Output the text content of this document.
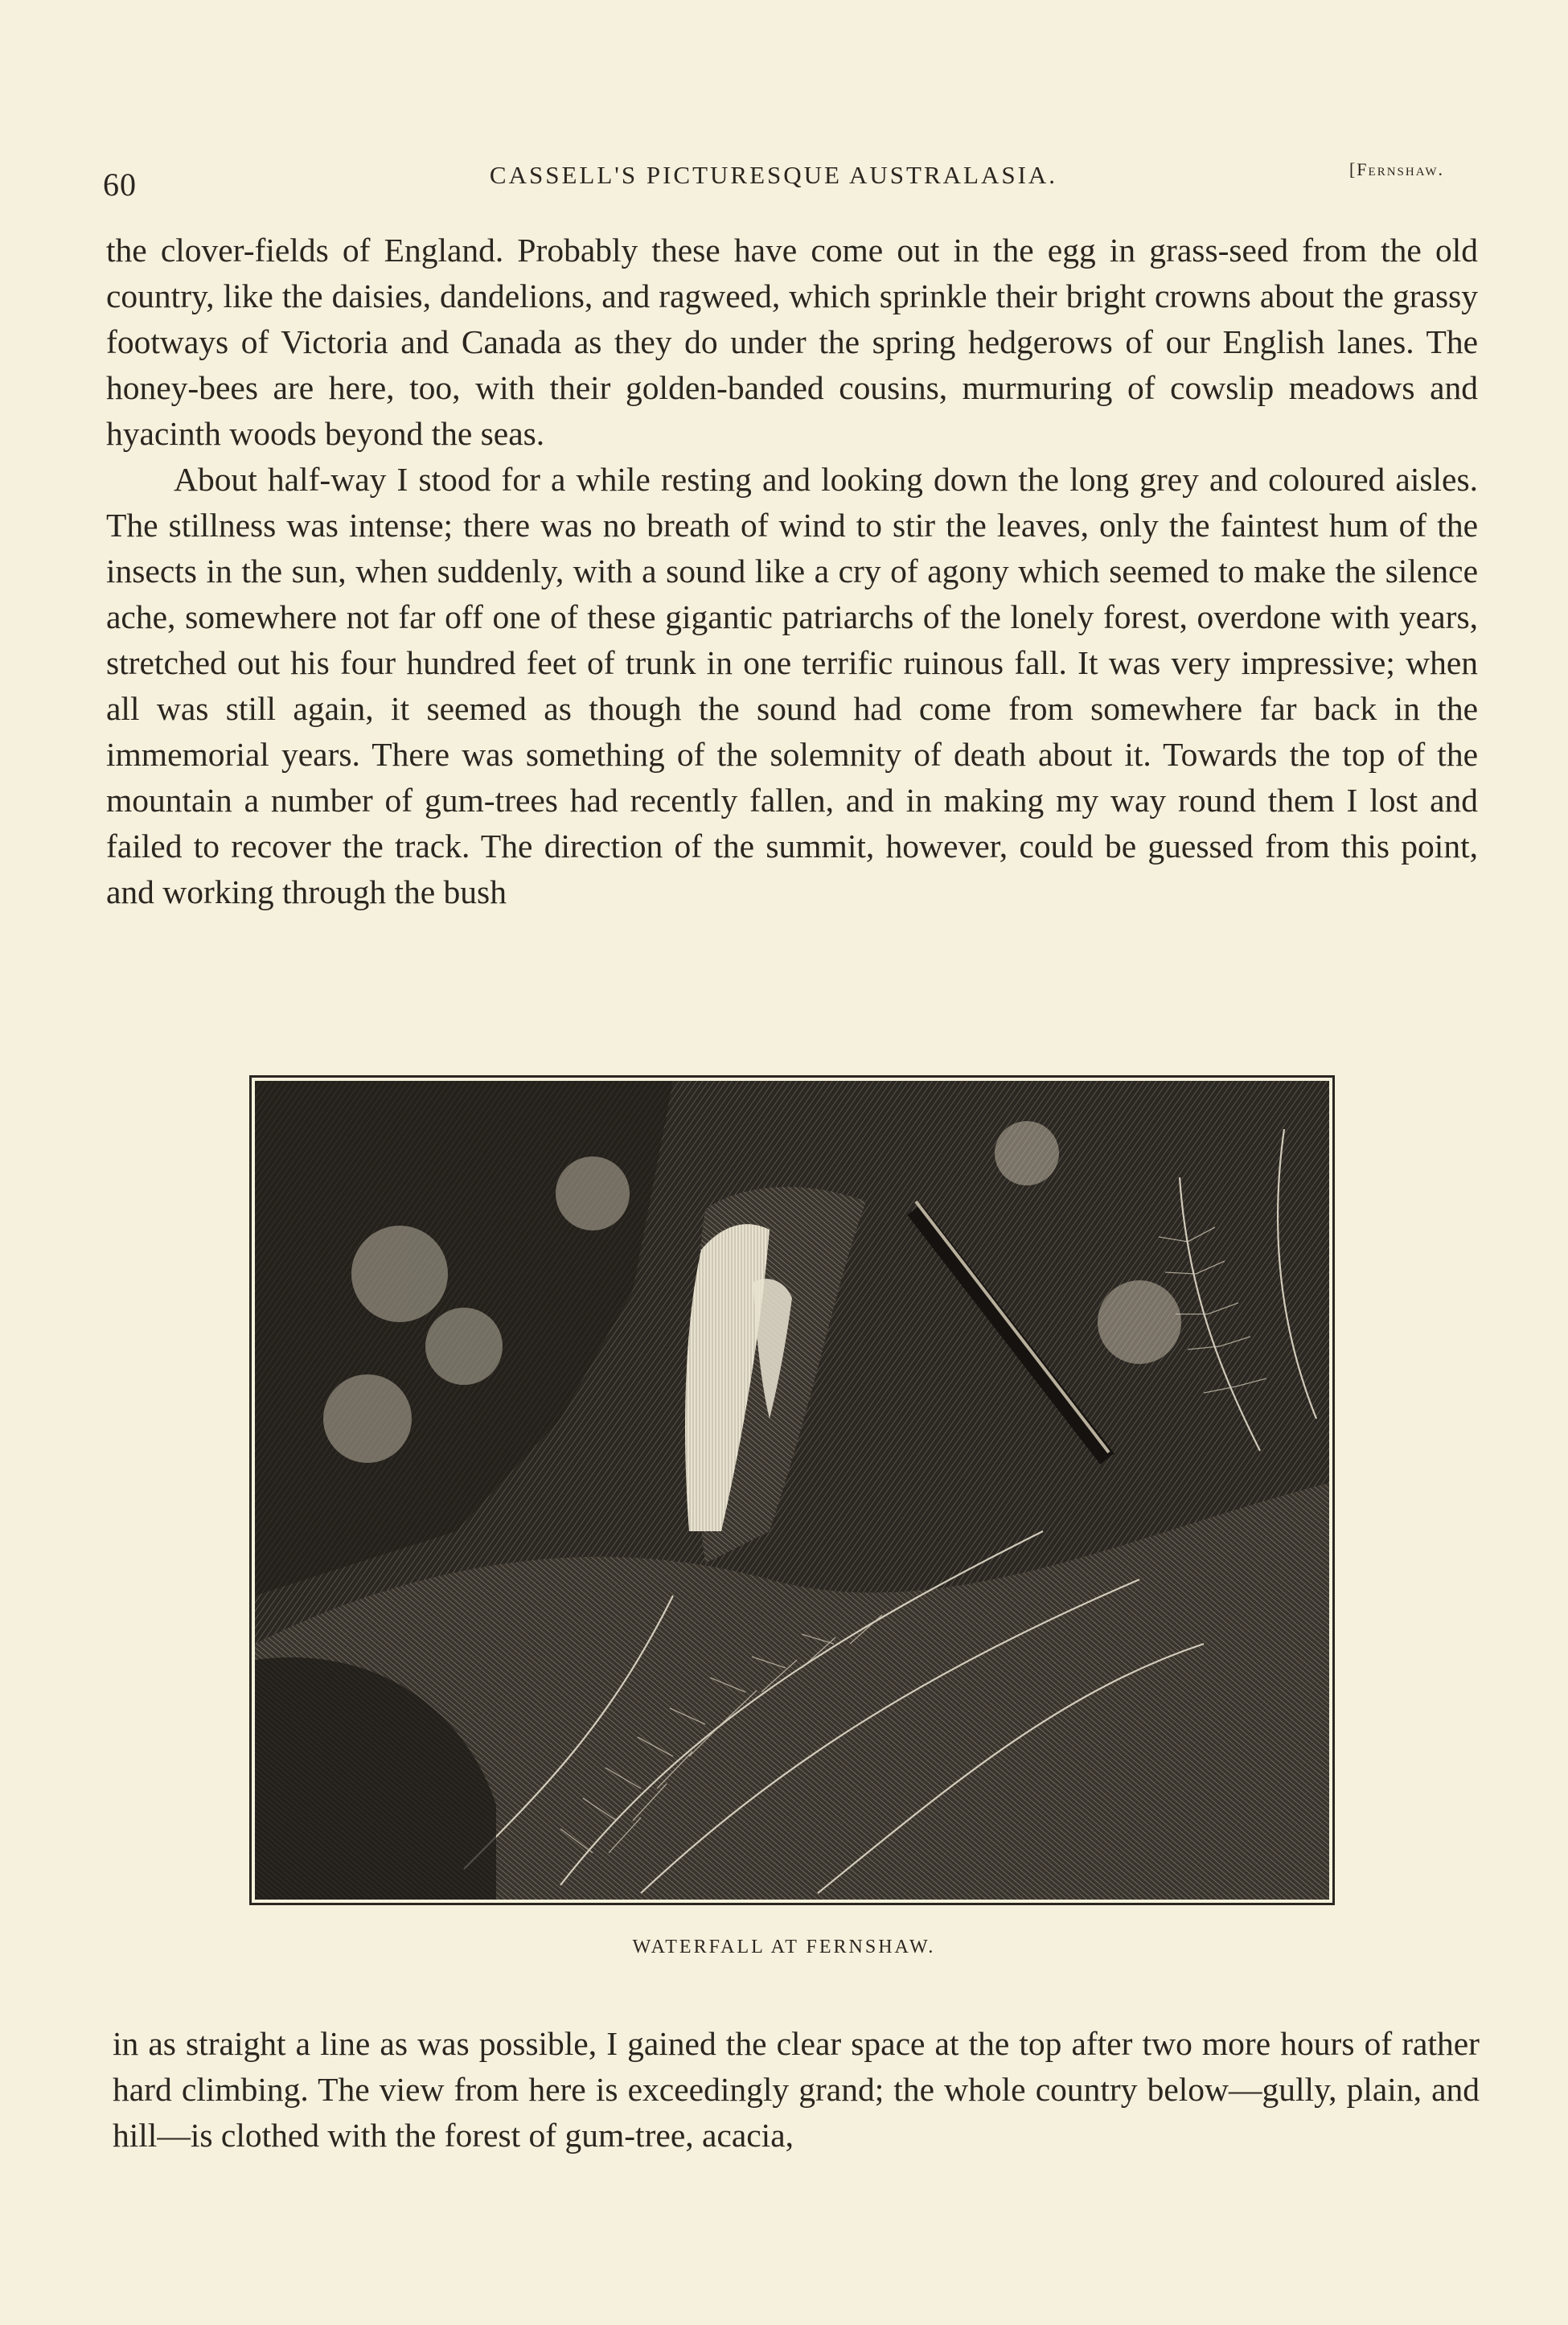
60	CASSELL'S PICTURESQUE AUSTRALASIA.	[Fernshaw.

the clover-fields of England. Probably these have come out in the egg in grass-seed from the old country, like the daisies, dandelions, and ragweed, which sprinkle their bright crowns about the grassy footways of Victoria and Canada as they do under the spring hedgerows of our English lanes. The honey-bees are here, too, with their golden-banded cousins, murmuring of cowslip meadows and hyacinth woods beyond the seas.

About half-way I stood for a while resting and looking down the long grey and coloured aisles. The stillness was intense; there was no breath of wind to stir the leaves, only the faintest hum of the insects in the sun, when suddenly, with a sound like a cry of agony which seemed to make the silence ache, somewhere not far off one of these gigantic patriarchs of the lonely forest, overdone with years, stretched out his four hundred feet of trunk in one terrific ruinous fall. It was very impressive; when all was still again, it seemed as though the sound had come from somewhere far back in the immemorial years. There was something of the solemnity of death about it. Towards the top of the mountain a number of gum-trees had recently fallen, and in making my way round them I lost and failed to recover the track. The direction of the summit, however, could be guessed from this point, and working through the bush

WATERFALL AT FERNSHAW.

in as straight a line as was possible, I gained the clear space at the top after two more hours of rather hard climbing. The view from here is exceedingly grand; the whole country below—gully, plain, and hill—is clothed with the forest of gum-tree, acacia,
